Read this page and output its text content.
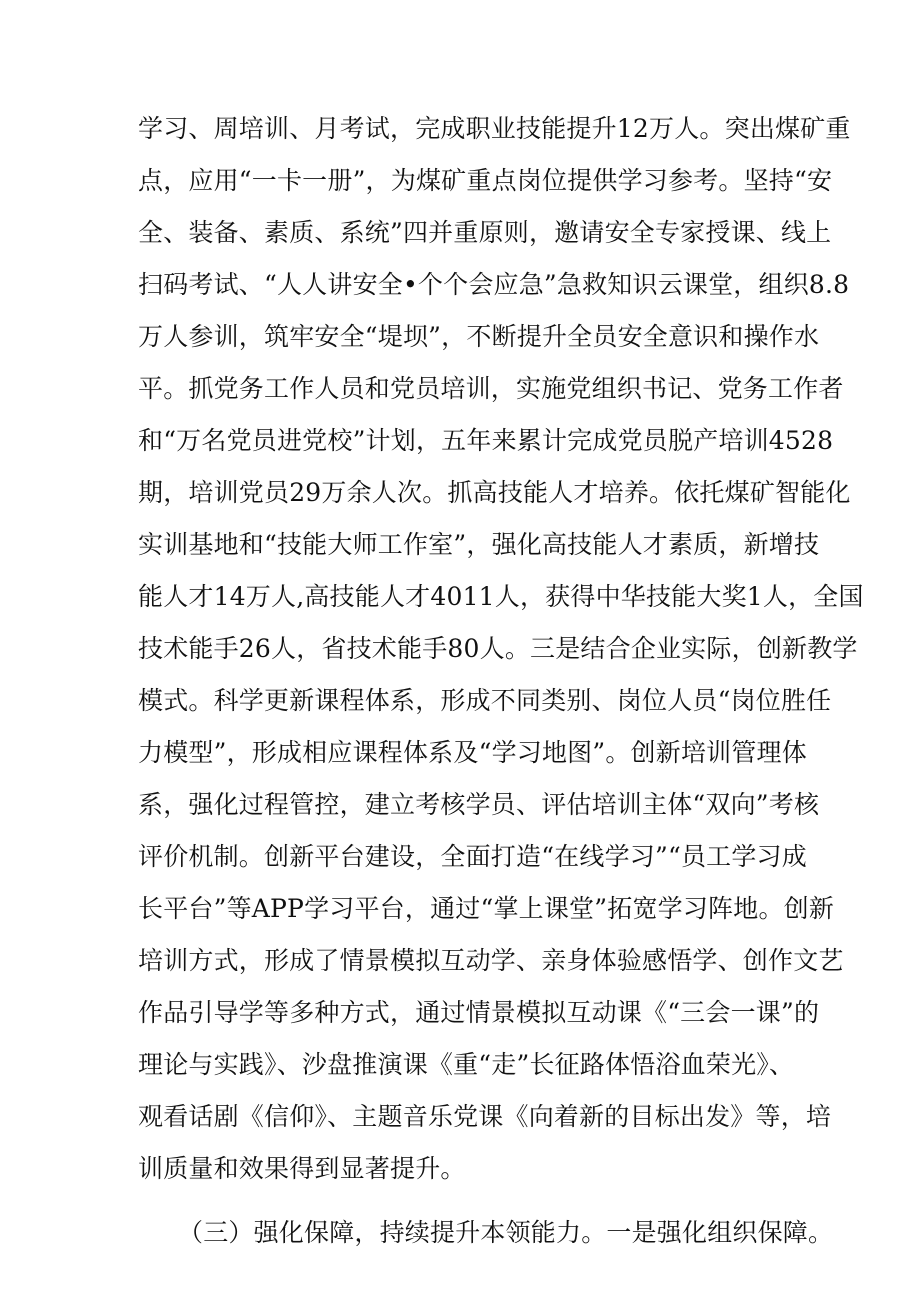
学习、周培训、月考试，完成职业技能提升12万人。突出煤矿重
点，应用“一卡一册”，为煤矿重点岗位提供学习参考。坚持“安
全、装备、素质、系统”四并重原则，邀请安全专家授课、线上
扫码考试、“人人讲安全•个个会应急”急救知识云课堂，组织8.8
万人参训，筑牢安全“堤坝”，不断提升全员安全意识和操作水
平。抓党务工作人员和党员培训，实施党组织书记、党务工作者
和“万名党员进党校”计划，五年来累计完成党员脱产培训4528
期，培训党员29万余人次。抓高技能人才培养。依托煤矿智能化
实训基地和“技能大师工作室”，强化高技能人才素质，新增技
能人才14万人,高技能人才4011人，获得中华技能大奖1人，全国
技术能手26人，省技术能手80人。三是结合企业实际，创新教学
模式。科学更新课程体系，形成不同类别、岗位人员“岗位胜任
力模型”，形成相应课程体系及“学习地图”。创新培训管理体
系，强化过程管控，建立考核学员、评估培训主体“双向”考核
评价机制。创新平台建设，全面打造“在线学习”“员工学习成
长平台”等APP学习平台，通过“掌上课堂”拓宽学习阵地。创新
培训方式，形成了情景模拟互动学、亲身体验感悟学、创作文艺
作品引导学等多种方式，通过情景模拟互动课《“三会一课”的
理论与实践》、沙盘推演课《重“走”长征路体悟浴血荣光》、
观看话剧《信仰》、主题音乐党课《向着新的目标出发》等，培
训质量和效果得到显著提升。
（三）强化保障，持续提升本领能力。一是强化组织保障。
